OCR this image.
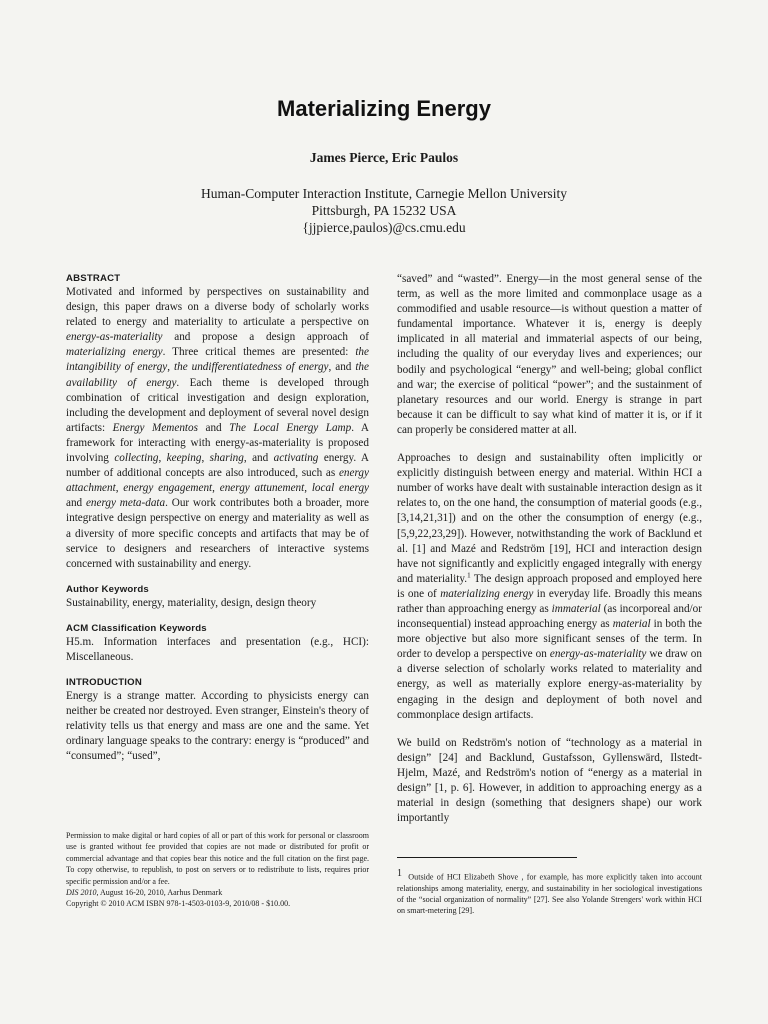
Materializing Energy
James Pierce, Eric Paulos
Human-Computer Interaction Institute, Carnegie Mellon University
Pittsburgh, PA 15232 USA
{jjpierce,paulos)@cs.cmu.edu
ABSTRACT

Motivated and informed by perspectives on sustainability and design, this paper draws on a diverse body of scholarly works related to energy and materiality to articulate a perspective on energy-as-materiality and propose a design approach of materializing energy. Three critical themes are presented: the intangibility of energy, the undifferentiatedness of energy, and the availability of energy. Each theme is developed through combination of critical investigation and design exploration, including the development and deployment of several novel design artifacts: Energy Mementos and The Local Energy Lamp. A framework for interacting with energy-as-materiality is proposed involving collecting, keeping, sharing, and activating energy. A number of additional concepts are also introduced, such as energy attachment, energy engagement, energy attunement, local energy and energy meta-data. Our work contributes both a broader, more integrative design perspective on energy and materiality as well as a diversity of more specific concepts and artifacts that may be of service to designers and researchers of interactive systems concerned with sustainability and energy.

Author Keywords

Sustainability, energy, materiality, design, design theory

ACM Classification Keywords

H5.m. Information interfaces and presentation (e.g., HCI): Miscellaneous.

INTRODUCTION

Energy is a strange matter. According to physicists energy can neither be created nor destroyed. Even stranger, Einstein's theory of relativity tells us that energy and mass are one and the same. Yet ordinary language speaks to the contrary: energy is “produced” and “consumed”; “used”,

Permission to make digital or hard copies of all or part of this work for personal or classroom use is granted without fee provided that copies are not made or distributed for profit or commercial advantage and that copies bear this notice and the full citation on the first page. To copy otherwise, to republish, to post on servers or to redistribute to lists, requires prior specific permission and/or a fee.
DIS 2010, August 16-20, 2010, Aarhus Denmark
Copyright © 2010 ACM ISBN 978-1-4503-0103-9, 2010/08 - $10.00.

“saved” and “wasted”. Energy—in the most general sense of the term, as well as the more limited and commonplace usage as a commodified and usable resource—is without question a matter of fundamental importance. Whatever it is, energy is deeply implicated in all material and immaterial aspects of our being, including the quality of our everyday lives and experiences; our bodily and psychological “energy” and well-being; global conflict and war; the exercise of political “power”; and the sustainment of planetary resources and our world. Energy is strange in part because it can be difficult to say what kind of matter it is, or if it can properly be considered matter at all.

Approaches to design and sustainability often implicitly or explicitly distinguish between energy and material. Within HCI a number of works have dealt with sustainable interaction design as it relates to, on the one hand, the consumption of material goods (e.g., [3,14,21,31]) and on the other the consumption of energy (e.g., [5,9,22,23,29]). However, notwithstanding the work of Backlund et al. [1] and Mazé and Redström [19], HCI and interaction design have not significantly and explicitly engaged integrally with energy and materiality.$^1$ The design approach proposed and employed here is one of materializing energy in everyday life. Broadly this means rather than approaching energy as immaterial (as incorporeal and/or inconsequential) instead approaching energy as material in both the more objective but also more significant senses of the term. In order to develop a perspective on energy-as-materiality we draw on a diverse selection of scholarly works related to materiality and energy, as well as materially explore energy-as-materiality by engaging in the design and deployment of both novel and commonplace design artifacts.

We build on Redström's notion of “technology as a material in design” [24] and Backlund, Gustafsson, Gyllenswärd, Ilstedt-Hjelm, Mazé, and Redström's notion of “energy as a material in design” [1, p. 6]. However, in addition to approaching energy as a material in design (something that designers shape) our work importantly

$^1$ Outside of HCI Elizabeth Shove , for example, has more explicitly taken into account relationships among materiality, energy, and sustainability in her sociological investigations of the “social organization of normality” [27]. See also Yolande Strengers' work within HCI on smart-metering [29].
